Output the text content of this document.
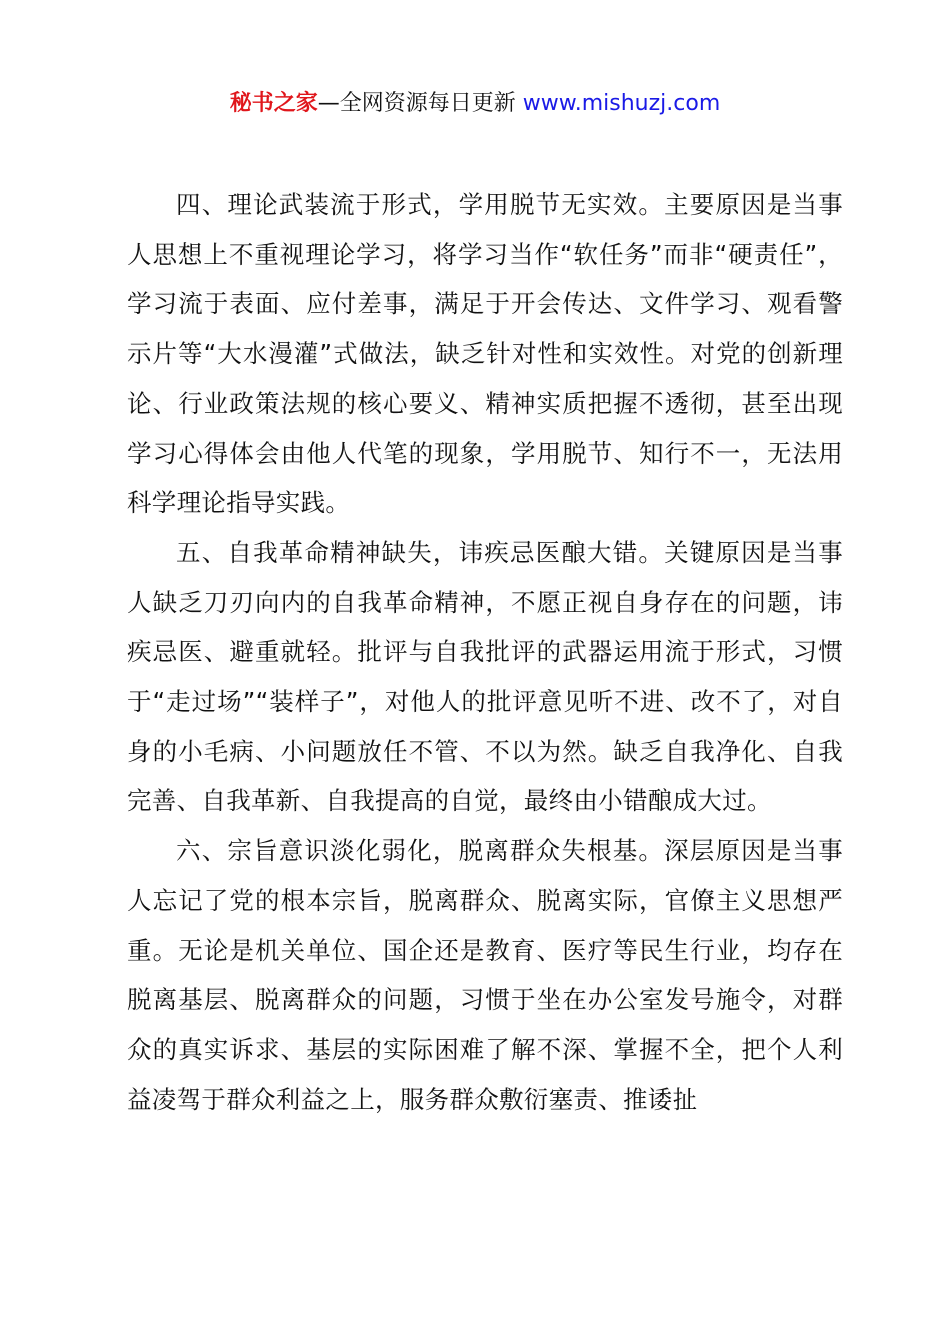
秘书之家—全网资源每日更新 www.mishuzj.com

四、理论武装流于形式，学用脱节无实效。主要原因是当事人思想上不重视理论学习，将学习当作“软任务”而非“硬责任”，学习流于表面、应付差事，满足于开会传达、文件学习、观看警示片等“大水漫灌”式做法，缺乏针对性和实效性。对党的创新理论、行业政策法规的核心要义、精神实质把握不透彻，甚至出现学习心得体会由他人代笔的现象，学用脱节、知行不一，无法用科学理论指导实践。

五、自我革命精神缺失，讳疾忌医酿大错。关键原因是当事人缺乏刀刃向内的自我革命精神，不愿正视自身存在的问题，讳疾忌医、避重就轻。批评与自我批评的武器运用流于形式，习惯于“走过场”“装样子”，对他人的批评意见听不进、改不了，对自身的小毛病、小问题放任不管、不以为然。缺乏自我净化、自我完善、自我革新、自我提高的自觉，最终由小错酿成大过。

六、宗旨意识淡化弱化，脱离群众失根基。深层原因是当事人忘记了党的根本宗旨，脱离群众、脱离实际，官僚主义思想严重。无论是机关单位、国企还是教育、医疗等民生行业，均存在脱离基层、脱离群众的问题，习惯于坐在办公室发号施令，对群众的真实诉求、基层的实际困难了解不深、掌握不全，把个人利益凌驾于群众利益之上，服务群众敷衍塞责、推诿扯
